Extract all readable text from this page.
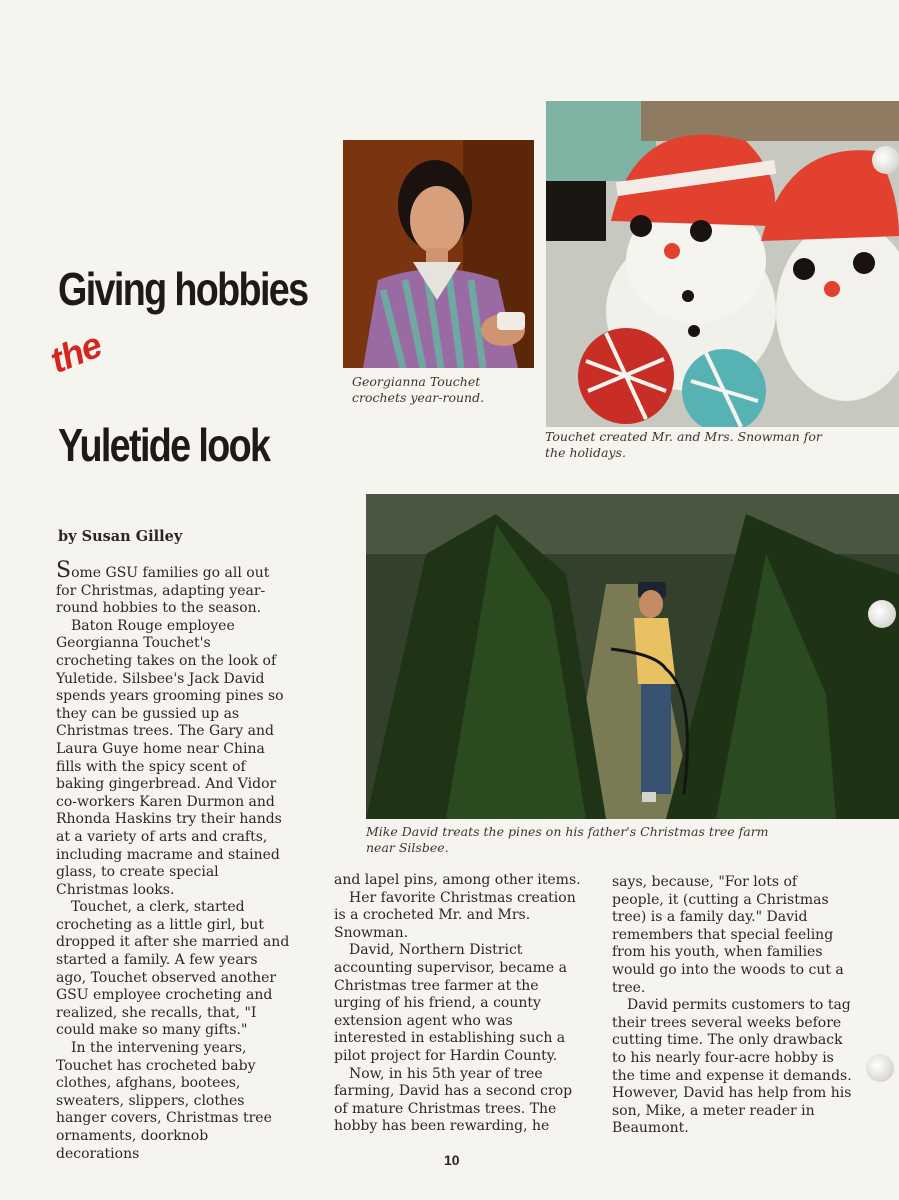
Giving hobbies
the
Yuletide look
by Susan Gilley
Georgianna Touchet crochets year-round.
Touchet created Mr. and Mrs. Snowman for the holidays.
Mike David treats the pines on his father's Christmas tree farm near Silsbee.

Some GSU families go all out for Christmas, adapting year-round hobbies to the season.

Baton Rouge employee Georgianna Touchet's crocheting takes on the look of Yuletide. Silsbee's Jack David spends years grooming pines so they can be gussied up as Christmas trees. The Gary and Laura Guye home near China fills with the spicy scent of baking gingerbread. And Vidor co-workers Karen Durmon and Rhonda Haskins try their hands at a variety of arts and crafts, including macrame and stained glass, to create special Christmas looks.

Touchet, a clerk, started crocheting as a little girl, but dropped it after she married and started a family. A few years ago, Touchet observed another GSU employee crocheting and realized, she recalls, that, "I could make so many gifts."

In the intervening years, Touchet has crocheted baby clothes, afghans, bootees, sweaters, slippers, clothes hanger covers, Christmas tree ornaments, doorknob decorations

and lapel pins, among other items.

Her favorite Christmas creation is a crocheted Mr. and Mrs. Snowman.

David, Northern District accounting supervisor, became a Christmas tree farmer at the urging of his friend, a county extension agent who was interested in establishing such a pilot project for Hardin County.

Now, in his 5th year of tree farming, David has a second crop of mature Christmas trees. The hobby has been rewarding, he

says, because, "For lots of people, it (cutting a Christmas tree) is a family day." David remembers that special feeling from his youth, when families would go into the woods to cut a tree.

David permits customers to tag their trees several weeks before cutting time. The only drawback to his nearly four-acre hobby is the time and expense it demands. However, David has help from his son, Mike, a meter reader in Beaumont.

10
